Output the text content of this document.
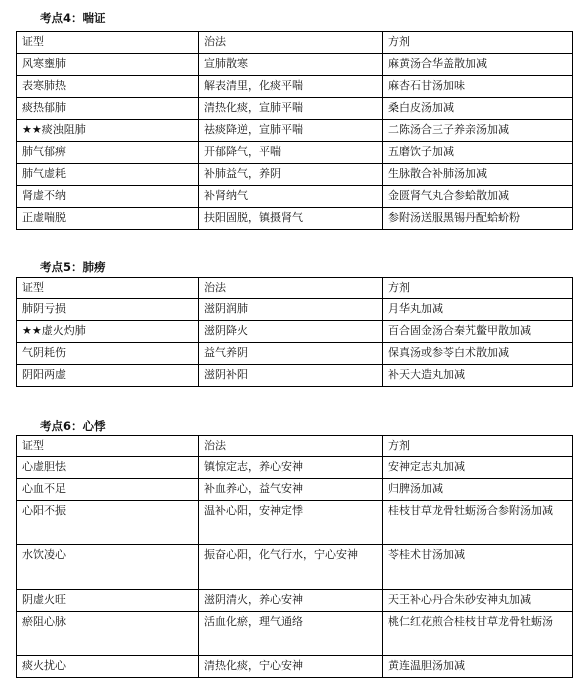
考点4：喘证
证型	治法	方剂
风寒壅肺	宣肺散寒	麻黄汤合华盖散加减
表寒肺热	解表清里，化痰平喘	麻杏石甘汤加味
痰热郁肺	清热化痰，宣肺平喘	桑白皮汤加减
★★痰浊阻肺	祛痰降逆，宣肺平喘	二陈汤合三子养亲汤加减
肺气郁痹	开郁降气，平喘	五磨饮子加减
肺气虚耗	补肺益气，养阴	生脉散合补肺汤加减
肾虚不纳	补肾纳气	金匮肾气丸合参蛤散加减
正虚喘脱	扶阳固脱，镇摄肾气	参附汤送服黑锡丹配蛤蚧粉
考点5：肺痨
证型	治法	方剂
肺阴亏损	滋阴润肺	月华丸加减
★★虚火灼肺	滋阴降火	百合固金汤合秦艽鳖甲散加减
气阴耗伤	益气养阴	保真汤或参苓白术散加减
阴阳两虚	滋阴补阳	补天大造丸加减
考点6：心悸
证型	治法	方剂
心虚胆怯	镇惊定志，养心安神	安神定志丸加减
心血不足	补血养心，益气安神	归脾汤加减
心阳不振	温补心阳，安神定悸	桂枝甘草龙骨牡蛎汤合参附汤加减
水饮凌心	振奋心阳，化气行水，宁心安神	苓桂术甘汤加减
阴虚火旺	滋阴清火，养心安神	天王补心丹合朱砂安神丸加减
瘀阻心脉	活血化瘀，理气通络	桃仁红花煎合桂枝甘草龙骨牡蛎汤
痰火扰心	清热化痰，宁心安神	黄连温胆汤加减
